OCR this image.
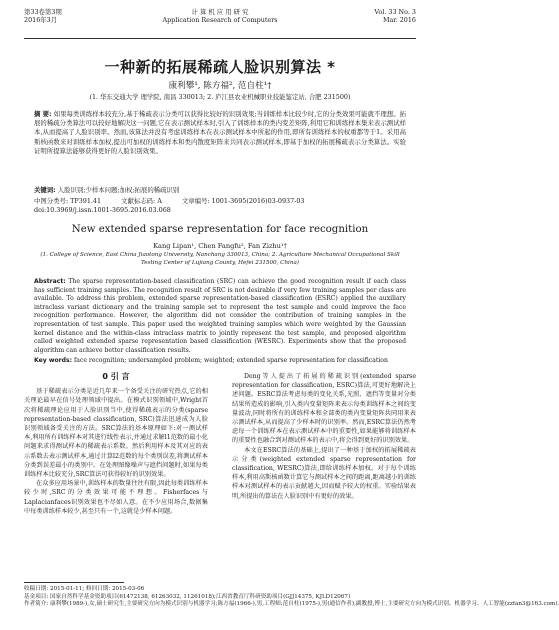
第33卷第3期
2016年3月
计 算 机 应 用 研 究
Application Research of Computers
Vol. 33 No. 3
Mar. 2016
一种新的拓展稀疏人脸识别算法 *
康利攀¹, 陈方福², 范自柱¹†
(1. 华东交通大学 理学院, 南昌 330013; 2. 庐江县农业机械职业技能鉴定站, 合肥 231500)
摘 要: 如果每类训练样本较充分,基于稀疏表示分类可以获得比较好的识别效果;当训练样本比较少时,它的分类效果可能就不理想。拓展的稀疏分类算法可以较好地解决这一问题,它在表示测试样本时,引入了训练样本的类内变差矩阵,利用它和训练样本集来表示测试样本,从而提高了人脸识别率。然而,该算法并没有考虑训练样本在表示测试样本中所起的作用,即所有训练样本的权重都等于1。采用高斯核函数来对训练样本加权,提出可加权的训练样本和类内散度矩阵来共同表示测试样本,即基于加权的拓展稀疏表示分类算法。实验证明所提算法能够获得更好的人脸识别效果。
关键词: 人脸识别;少样本问题;加权;拓展的稀疏识别
中图分类号: TP391.41	文献标志码: A	文章编号: 1001-3695(2016)03-0937-03
doi:10.3969/j.issn.1001-3695.2016.03.068
New extended sparse representation for face recognition
Kang Lipan¹, Chen Fangfu², Fan Zizhu¹†
(1. College of Science, East China Jiaotong University, Nanchang 330013, China; 2. Agriculture Mechanical Occupational Skill Testing Center of Lujiang County, Hefei 231500, China)
Abstract: The sparse representation-based classification (SRC) can achieve the good recognition result if each class has sufficient training samples. The recognition result of SRC is not desirable if very few training samples per class are available. To address this problem, extended sparse representation-based classification (ESRC) applied the auxiliary intraclass variant dictionary and the training sample set to represent the test sample and could improve the face recognition performance. However, the algorithm did not consider the contribution of training samples in the representation of test sample. This paper used the weighted training samples which were weighted by the Gaussian kernel distance and the within-class intraclass matrix to jointly represent the test sample, and proposed algorithm called weighted extended sparse representation based classification (WESRC). Experiments show that the proposed algorithm can achieve better classification results.
Key words: face recognition; undersampled problem; weighted; extended sparse representation for classification
0 引 言

基于稀疏表示分类是近几年来一个备受关注的研究热点,它的相关理论最早在信号处理领域中提出。在模式识别领域中,Wright首次将稀疏理论应用于人脸识别当中,使得稀疏表示的分类(sparse representation-based classification, SRC)算法迅速成为人脸识别领域备受关注的方法。SRC算法的基本原理如下:对一测试样本,利用所有训练样本对其进行线性表示,并通过求解l1范数的最小化问题来求得测试样本的稀疏表示系数。然后利用样本及其对应的表示系数去表示测试样本,通过计算l2范数的每个类别误差,将测试样本分类到误差最小的类别中。在处理图像噪声与遮挡问题时,如果每类训练样本比较充分,SRC算法可获得较好的识别效果。

在众多应用场景中,训练样本的数量往往有限,因此每类训练样本较少时,SRC的分类效果可能不理想。Fisherfaces与Laplacianfaces识别效果也不尽如人意。在不少应用场合,数据集中每类训练样本较少,甚至只有一个,这就是少样本问题。

Deng等人提出了拓展的稀疏识别(extended sparse representation for classification, ESRC)算法,可更好地解决上述问题。ESRC算法考虑每类的变化关系,光照、遮挡等变量对分类结果所造成的影响,引入类内变量矩阵来表示每类训练样本之间的变量波动,同时将所有的训练样本和全部类的类内变量矩阵共同用来表示测试样本,从而提高了少样本时的识别率。然而,ESRC算法仍然考虑每一个训练样本在表示测试样本中的重要性,如果能够将训练样本的重要性也融合到对测试样本的表示中,将会得到更好的识别效果。

本文在ESRC算法的基础上,提出了一种基于加权的拓展稀疏表示分类(weighted extended sparse representation for classification, WESRC)算法,即给训练样本加权。对于每个训练样本,利用高斯核函数计算它与测试样本之间的距离,距离越小的训练样本对测试样本的表示贡献越大,因而赋予较大的权重。实验结果表明,所提出的算法在人脸识别中有更好的效果。

收稿日期: 2015-01-11; 修回日期: 2015-03-06
基金项目: 国家自然科学基金资助项目(61472138, 61263032, 11261018);江西省教育厅科研资助项目(GJJ14375, KJLD12067)
作者简介: 康利攀(1989-),女,硕士研究生,主要研究方向为模式识别与机器学习;陈方福(1966-),男,工程师;范自柱(1975-),男(通信作者),副教授,博士,主要研究方向为模式识别、机器学习、人工智能(zzfan3@163.com).
